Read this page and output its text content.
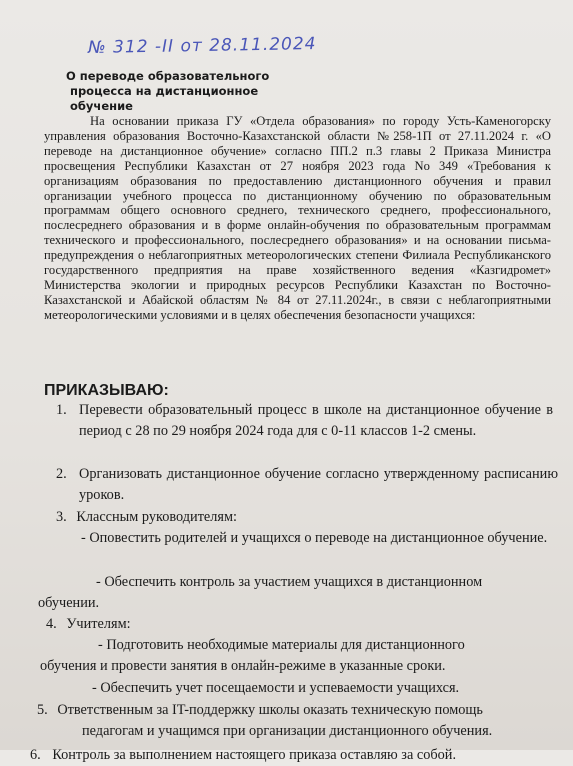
№ 312 -II от 28.11.2024
О переводе образовательного
процесса на дистанционное обучение
На основании приказа ГУ «Отдела образования» по городу Усть-Каменогорску управления образования Восточно-Казахстанской области №258-1П от 27.11.2024 г. «О переводе на дистанционное обучение» согласно ПП.2 п.3 главы 2 Приказа Министра просвещения Республики Казахстан от 27 ноября 2023 года No 349 «Требования к организациям образования по предоставлению дистанционного обучения и правил организации учебного процесса по дистанционному обучению по образовательным программам общего основного среднего, технического среднего, профессионального, послесреднего образования и в форме онлайн-обучения по образовательным программам технического и профессионального, послесреднего образования» и на основании письма-предупреждения о неблагоприятных метеорологических степени Филиала Республиканского государственного предприятия на праве хозяйственного ведения «Казгидромет» Министерства экологии и природных ресурсов Республики Казахстан по Восточно- Казахстанской и Абайской областям № 84 от 27.11.2024г., в связи с неблагоприятными метеорологическими условиями и в целях обеспечения безопасности учащихся:
ПРИКАЗЫВАЮ:
1. Перевести образовательный процесс в школе на дистанционное обучение в период с 28 по 29 ноября 2024 года для с 0-11 классов 1-2 смены.
2. Организовать дистанционное обучение согласно утвержденному расписанию уроков.
3. Классным руководителям:
- Оповестить родителей и учащихся о переводе на дистанционное обучение.
- Обеспечить контроль за участием учащихся в дистанционном
обучении.
4. Учителям:
- Подготовить необходимые материалы для дистанционного
обучения и провести занятия в онлайн-режиме в указанные сроки.
- Обеспечить учет посещаемости и успеваемости учащихся.
5. Ответственным за IT-поддержку школы оказать техническую помощь
педагогам и учащимся при организации дистанционного обучения.
6. Контроль за выполнением настоящего приказа оставляю за собой.
